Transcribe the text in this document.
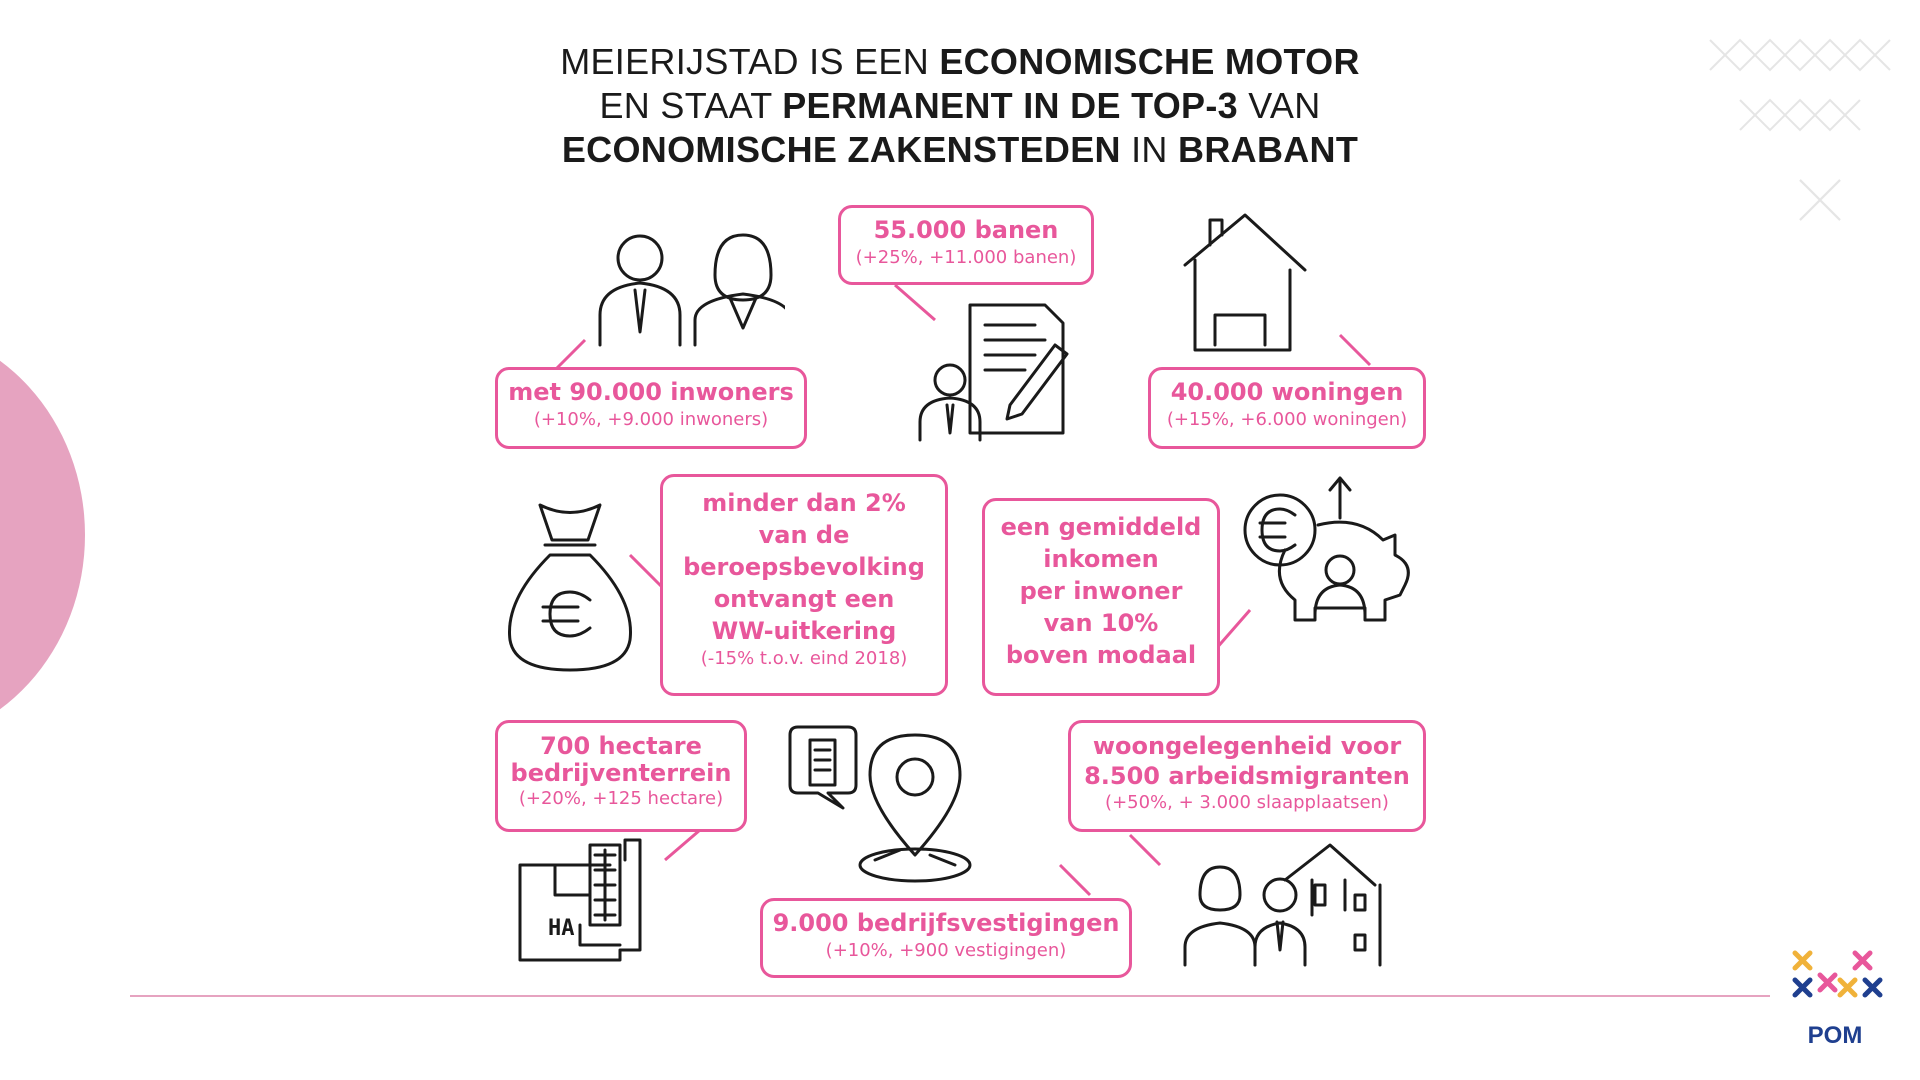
MEIERIJSTAD IS EEN ECONOMISCHE MOTOR
EN STAAT PERMANENT IN DE TOP-3 VAN
ECONOMISCHE ZAKENSTEDEN IN BRABANT
met 90.000 inwoners
(+10%, +9.000 inwoners)
55.000 banen
(+25%, +11.000 banen)
40.000 woningen
(+15%, +6.000 woningen)
minder dan 2%
van de
beroepsbevolking
ontvangt een
WW-uitkering
(-15% t.o.v. eind 2018)
een gemiddeld
inkomen
per inwoner
van 10%
boven modaal
700 hectare
bedrijventerrein
(+20%, +125 hectare)
9.000 bedrijfsvestigingen
(+10%, +900 vestigingen)
woongelegenheid voor
8.500 arbeidsmigranten
(+50%, + 3.000 slaapplaatsen)
HA
POM
